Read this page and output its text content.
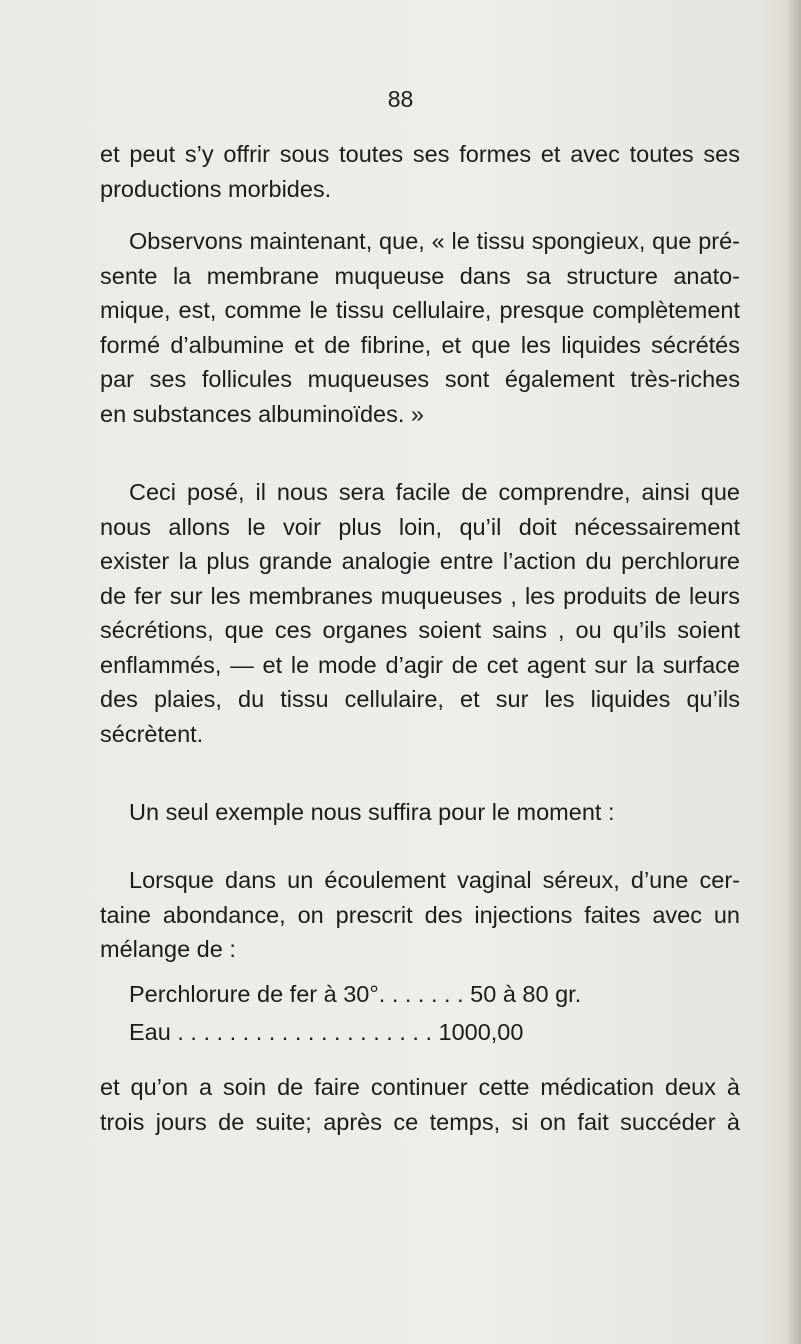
88
et peut s’y offrir sous toutes ses formes et avec toutes ses
productions morbides.
Observons maintenant, que, « le tissu spongieux, que pré-
sente la membrane muqueuse dans sa structure anato-
mique, est, comme le tissu cellulaire, presque complètement
formé d’albumine et de fibrine, et que les liquides sécrétés
par ses follicules muqueuses sont également très-riches
en substances albuminoïdes. »
Ceci posé, il nous sera facile de comprendre, ainsi que
nous allons le voir plus loin, qu’il doit nécessairement
exister la plus grande analogie entre l’action du perchlorure
de fer sur les membranes muqueuses , les produits de leurs
sécrétions, que ces organes soient sains , ou qu’ils soient
enflammés, — et le mode d’agir de cet agent sur la surface
des plaies, du tissu cellulaire, et sur les liquides qu’ils
sécrètent.
Un seul exemple nous suffira pour le moment :
Lorsque dans un écoulement vaginal séreux, d’une cer-
taine abondance, on prescrit des injections faites avec un
mélange de :
Perchlorure de fer à 30°. . . . . . . 50 à 80 gr.
Eau . . . . . . . . . . . . . . . . . . . . 1000,00
et qu’on a soin de faire continuer cette médication deux à
trois jours de suite; après ce temps, si on fait succéder à
